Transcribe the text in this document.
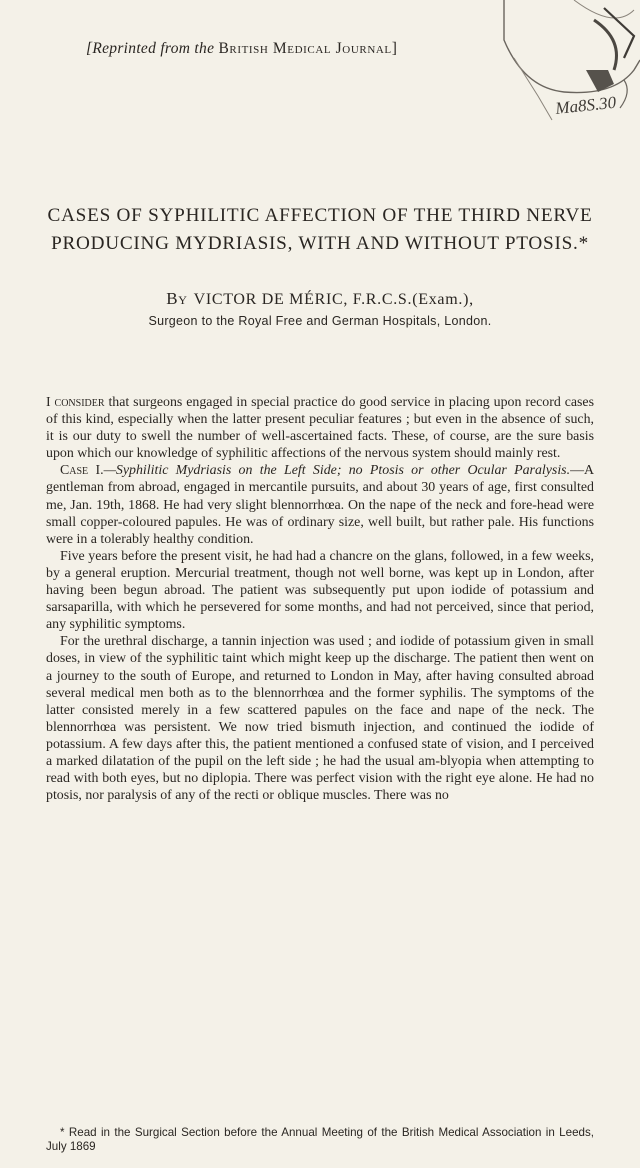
[Reprinted from the British Medical Journal]
Ma8S.30
CASES OF SYPHILITIC AFFECTION OF THE THIRD NERVE PRODUCING MYDRIASIS, WITH AND WITHOUT PTOSIS.*
By VICTOR DE MÉRIC, F.R.C.S.(Exam.),
Surgeon to the Royal Free and German Hospitals, London.

I consider that surgeons engaged in special practice do good service in placing upon record cases of this kind, especially when the latter present peculiar features ; but even in the absence of such, it is our duty to swell the number of well-ascertained facts. These, of course, are the sure basis upon which our knowledge of syphilitic affections of the nervous system should mainly rest.

Case I.—Syphilitic Mydriasis on the Left Side; no Ptosis or other Ocular Paralysis.—A gentleman from abroad, engaged in mercantile pursuits, and about 30 years of age, first consulted me, Jan. 19th, 1868. He had very slight blennorrhœa. On the nape of the neck and fore-head were small copper-coloured papules. He was of ordinary size, well built, but rather pale. His functions were in a tolerably healthy condition.

Five years before the present visit, he had had a chancre on the glans, followed, in a few weeks, by a general eruption. Mercurial treatment, though not well borne, was kept up in London, after having been begun abroad. The patient was subsequently put upon iodide of potassium and sarsaparilla, with which he persevered for some months, and had not perceived, since that period, any syphilitic symptoms.

For the urethral discharge, a tannin injection was used ; and iodide of potassium given in small doses, in view of the syphilitic taint which might keep up the discharge. The patient then went on a journey to the south of Europe, and returned to London in May, after having consulted abroad several medical men both as to the blennorrhœa and the former syphilis. The symptoms of the latter consisted merely in a few scattered papules on the face and nape of the neck. The blennorrhœa was persistent. We now tried bismuth injection, and continued the iodide of potassium. A few days after this, the patient mentioned a confused state of vision, and I perceived a marked dilatation of the pupil on the left side ; he had the usual am-blyopia when attempting to read with both eyes, but no diplopia. There was perfect vision with the right eye alone. He had no ptosis, nor paralysis of any of the recti or oblique muscles. There was no

* Read in the Surgical Section before the Annual Meeting of the British Medical Association in Leeds, July 1869
